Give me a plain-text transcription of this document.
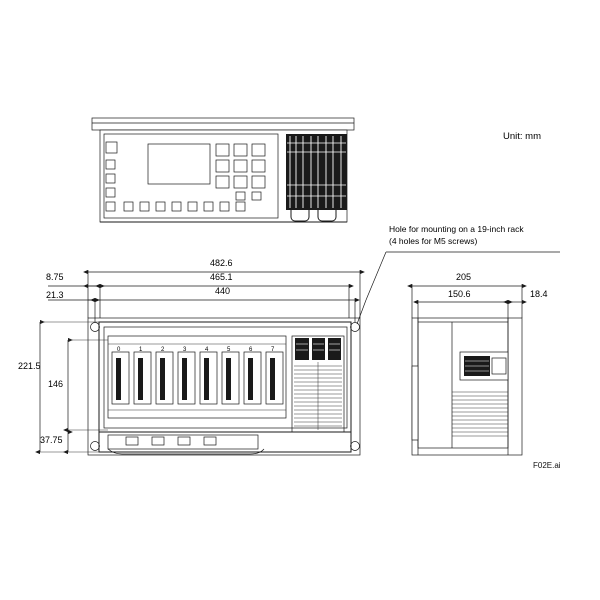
Unit: mm
Hole for mounting on a 19-inch rack
(4 holes for M5 screws)
482.6
465.1
440
8.75
21.3
221.5
146
37.75
205
150.6	18.4
0	1	2	3	4	5	6	7
F02E.ai
